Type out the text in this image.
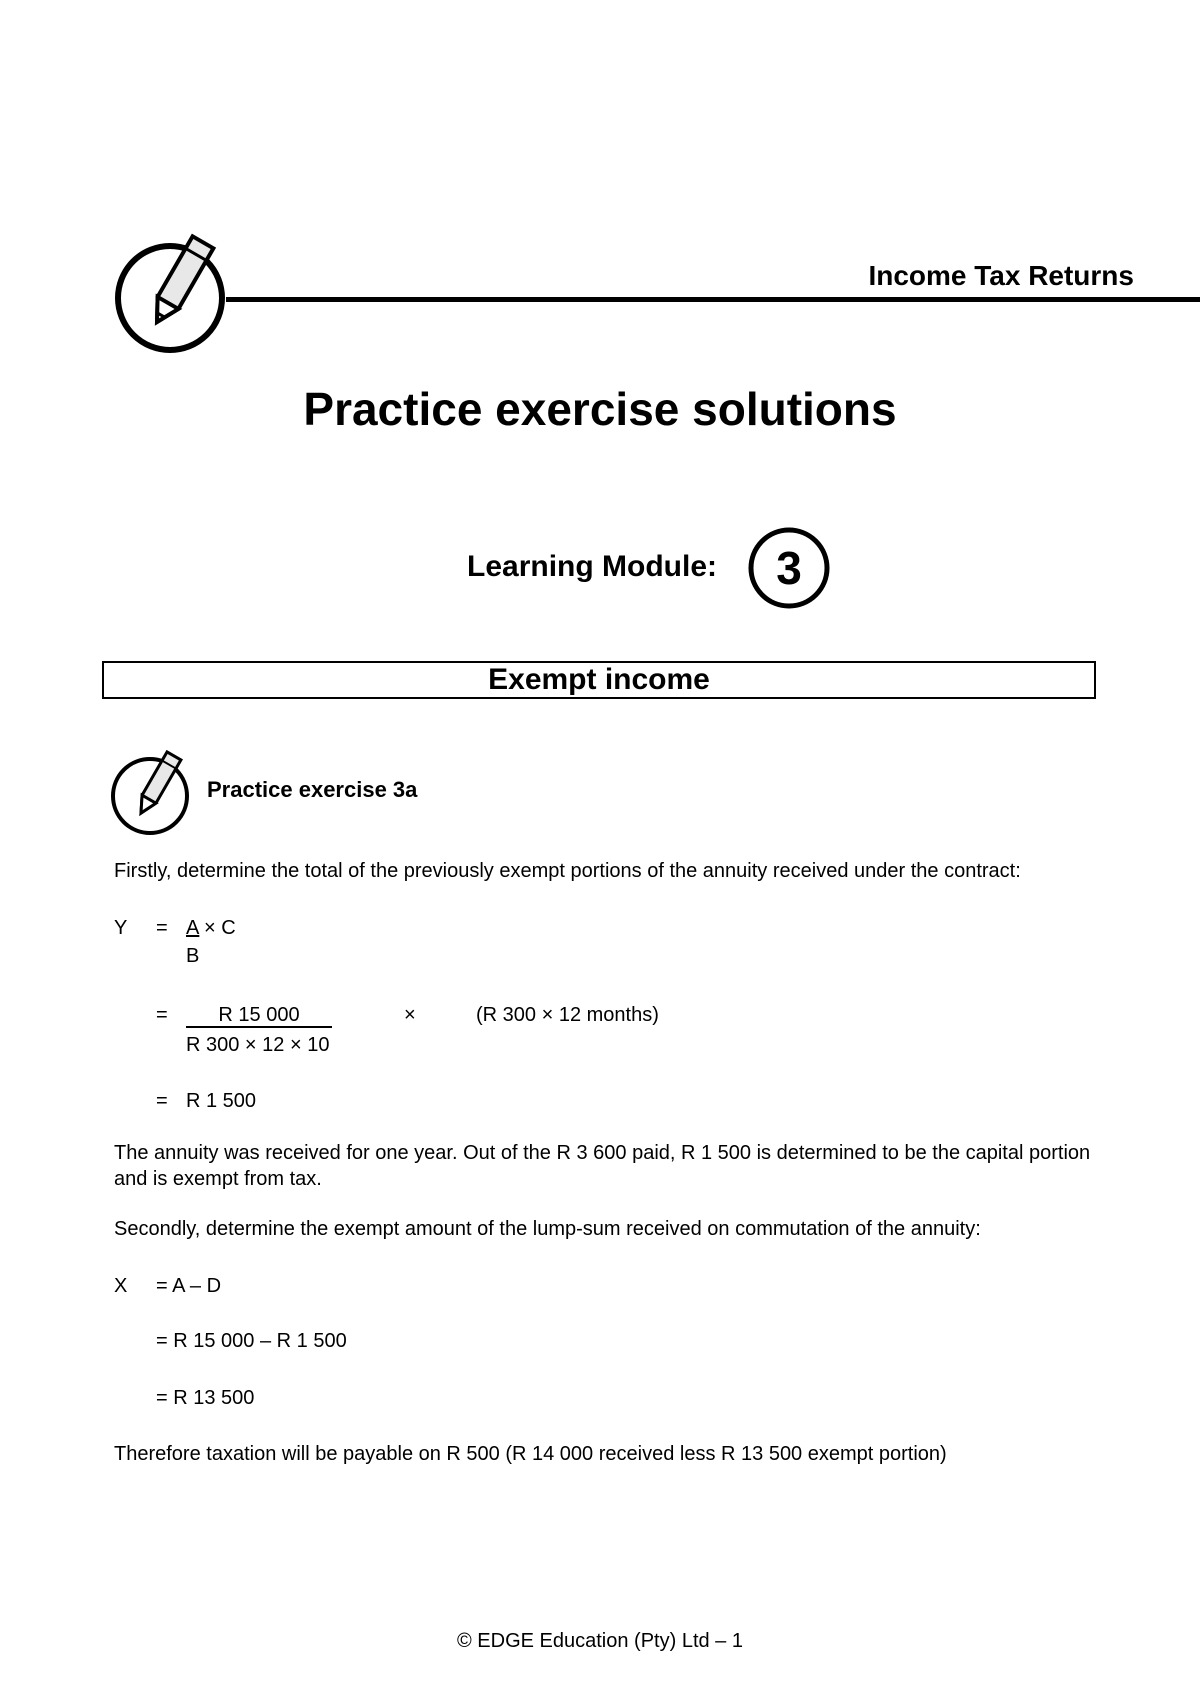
Income Tax Returns
Practice exercise solutions
Learning Module:	3
Exempt income
Practice exercise 3a
Firstly, determine the total of the previously exempt portions of the annuity received under the contract:
Y = A × C
B
=	R 15 000
R 300 × 12 × 10
×	(R 300 × 12 months)
= R 1 500
The annuity was received for one year. Out of the R 3 600 paid, R 1 500 is determined to be the capital portion and is exempt from tax.
Secondly, determine the exempt amount of the lump-sum received on commutation of the annuity:
X = A – D
= R 15 000 – R 1 500
= R 13 500
Therefore taxation will be payable on R 500 (R 14 000 received less R 13 500 exempt portion)
© EDGE Education (Pty) Ltd – 1
